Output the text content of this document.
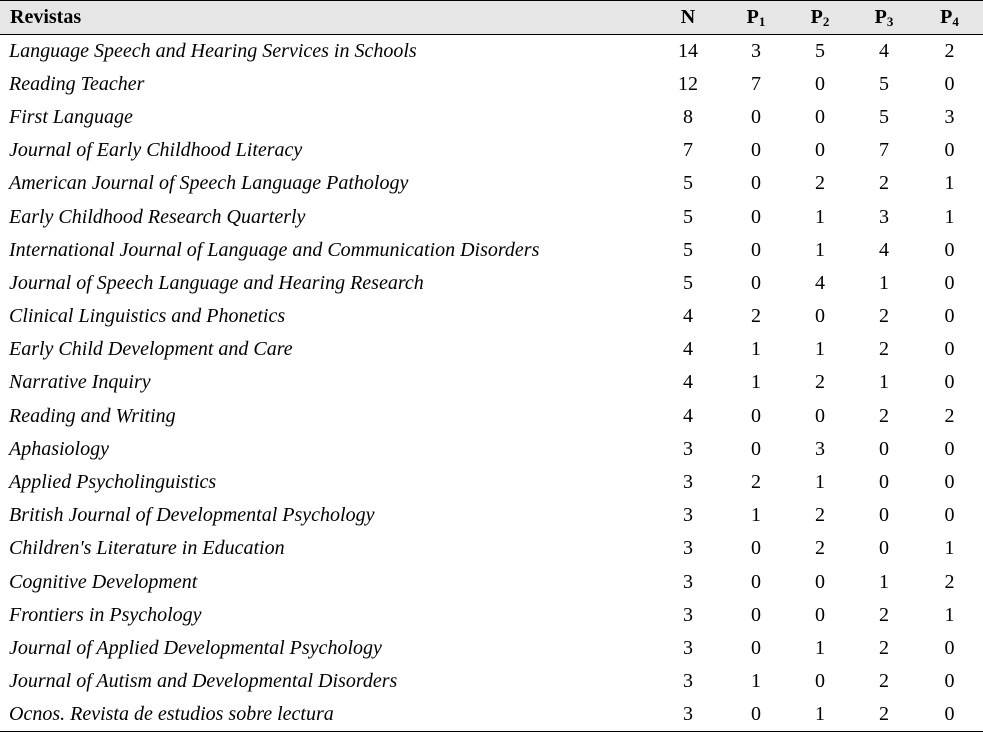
Revistas	N	$P_1$	$P_2$	$P_3$	$P_4$
Language Speech and Hearing Services in Schools	14	3	5	4	2
Reading Teacher	12	7	0	5	0
First Language	8	0	0	5	3
Journal of Early Childhood Literacy	7	0	0	7	0
American Journal of Speech Language Pathology	5	0	2	2	1
Early Childhood Research Quarterly	5	0	1	3	1
International Journal of Language and Communication Disorders	5	0	1	4	0
Journal of Speech Language and Hearing Research	5	0	4	1	0
Clinical Linguistics and Phonetics	4	2	0	2	0
Early Child Development and Care	4	1	1	2	0
Narrative Inquiry	4	1	2	1	0
Reading and Writing	4	0	0	2	2
Aphasiology	3	0	3	0	0
Applied Psycholinguistics	3	2	1	0	0
British Journal of Developmental Psychology	3	1	2	0	0
Children's Literature in Education	3	0	2	0	1
Cognitive Development	3	0	0	1	2
Frontiers in Psychology	3	0	0	2	1
Journal of Applied Developmental Psychology	3	0	1	2	0
Journal of Autism and Developmental Disorders	3	1	0	2	0
Ocnos. Revista de estudios sobre lectura	3	0	1	2	0
